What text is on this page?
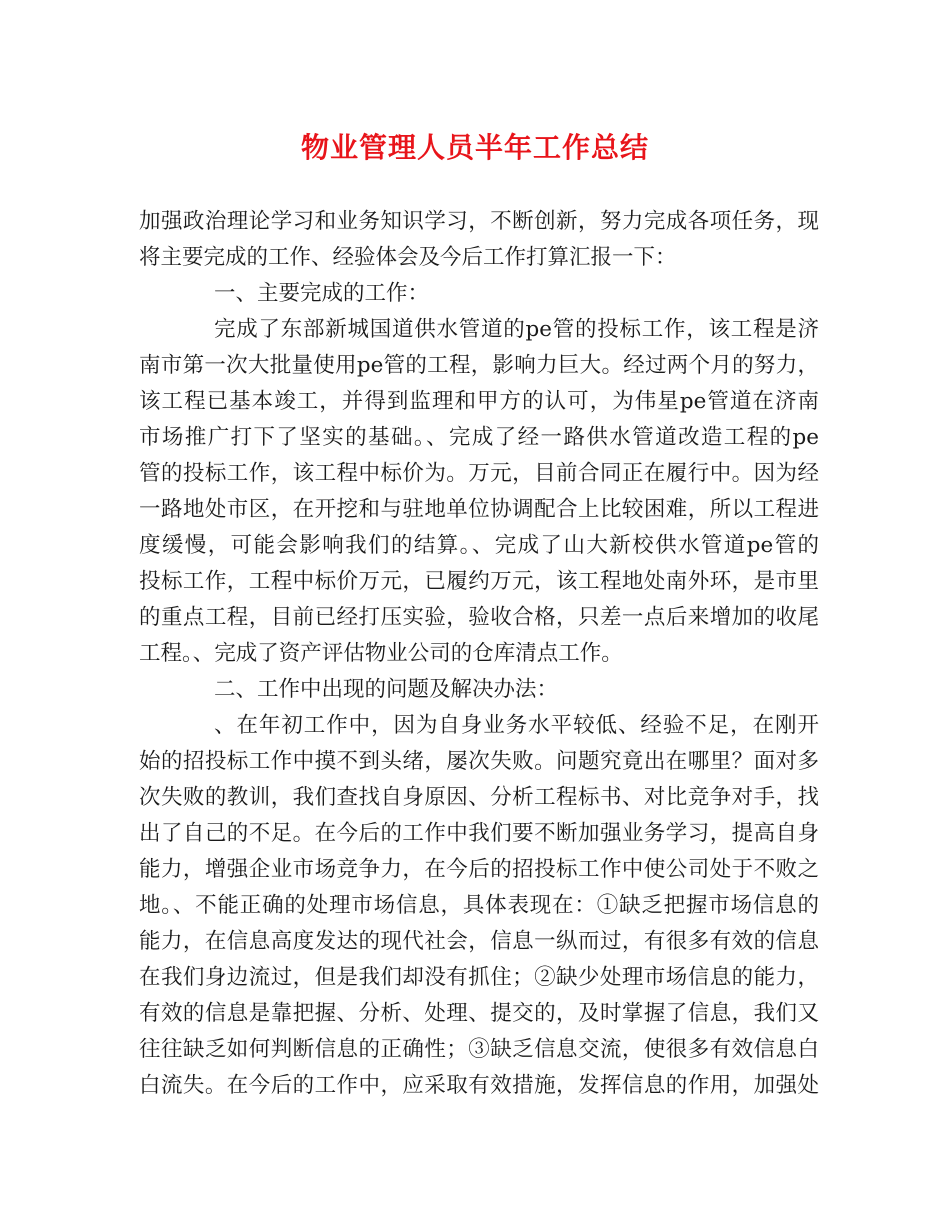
物业管理人员半年工作总结
加强政治理论学习和业务知识学习，不断创新，努力完成各项任务，现
将主要完成的工作、经验体会及今后工作打算汇报一下：
一、主要完成的工作：
完成了东部新城国道供水管道的pe管的投标工作，该工程是济
南市第一次大批量使用pe管的工程，影响力巨大。经过两个月的努力，
该工程已基本竣工，并得到监理和甲方的认可，为伟星pe管道在济南
市场推广打下了坚实的基础。、完成了经一路供水管道改造工程的pe
管的投标工作，该工程中标价为。万元，目前合同正在履行中。因为经
一路地处市区，在开挖和与驻地单位协调配合上比较困难，所以工程进
度缓慢，可能会影响我们的结算。、完成了山大新校供水管道pe管的
投标工作，工程中标价万元，已履约万元，该工程地处南外环，是市里
的重点工程，目前已经打压实验，验收合格，只差一点后来增加的收尾
工程。、完成了资产评估物业公司的仓库清点工作。
二、工作中出现的问题及解决办法：
、在年初工作中，因为自身业务水平较低、经验不足，在刚开
始的招投标工作中摸不到头绪，屡次失败。问题究竟出在哪里？面对多
次失败的教训，我们查找自身原因、分析工程标书、对比竞争对手，找
出了自己的不足。在今后的工作中我们要不断加强业务学习，提高自身
能力，增强企业市场竞争力，在今后的招投标工作中使公司处于不败之
地。、不能正确的处理市场信息，具体表现在：①缺乏把握市场信息的
能力，在信息高度发达的现代社会，信息一纵而过，有很多有效的信息
在我们身边流过，但是我们却没有抓住；②缺少处理市场信息的能力，
有效的信息是靠把握、分析、处理、提交的，及时掌握了信息，我们又
往往缺乏如何判断信息的正确性；③缺乏信息交流，使很多有效信息白
白流失。在今后的工作中，应采取有效措施，发挥信息的作用，加强处
